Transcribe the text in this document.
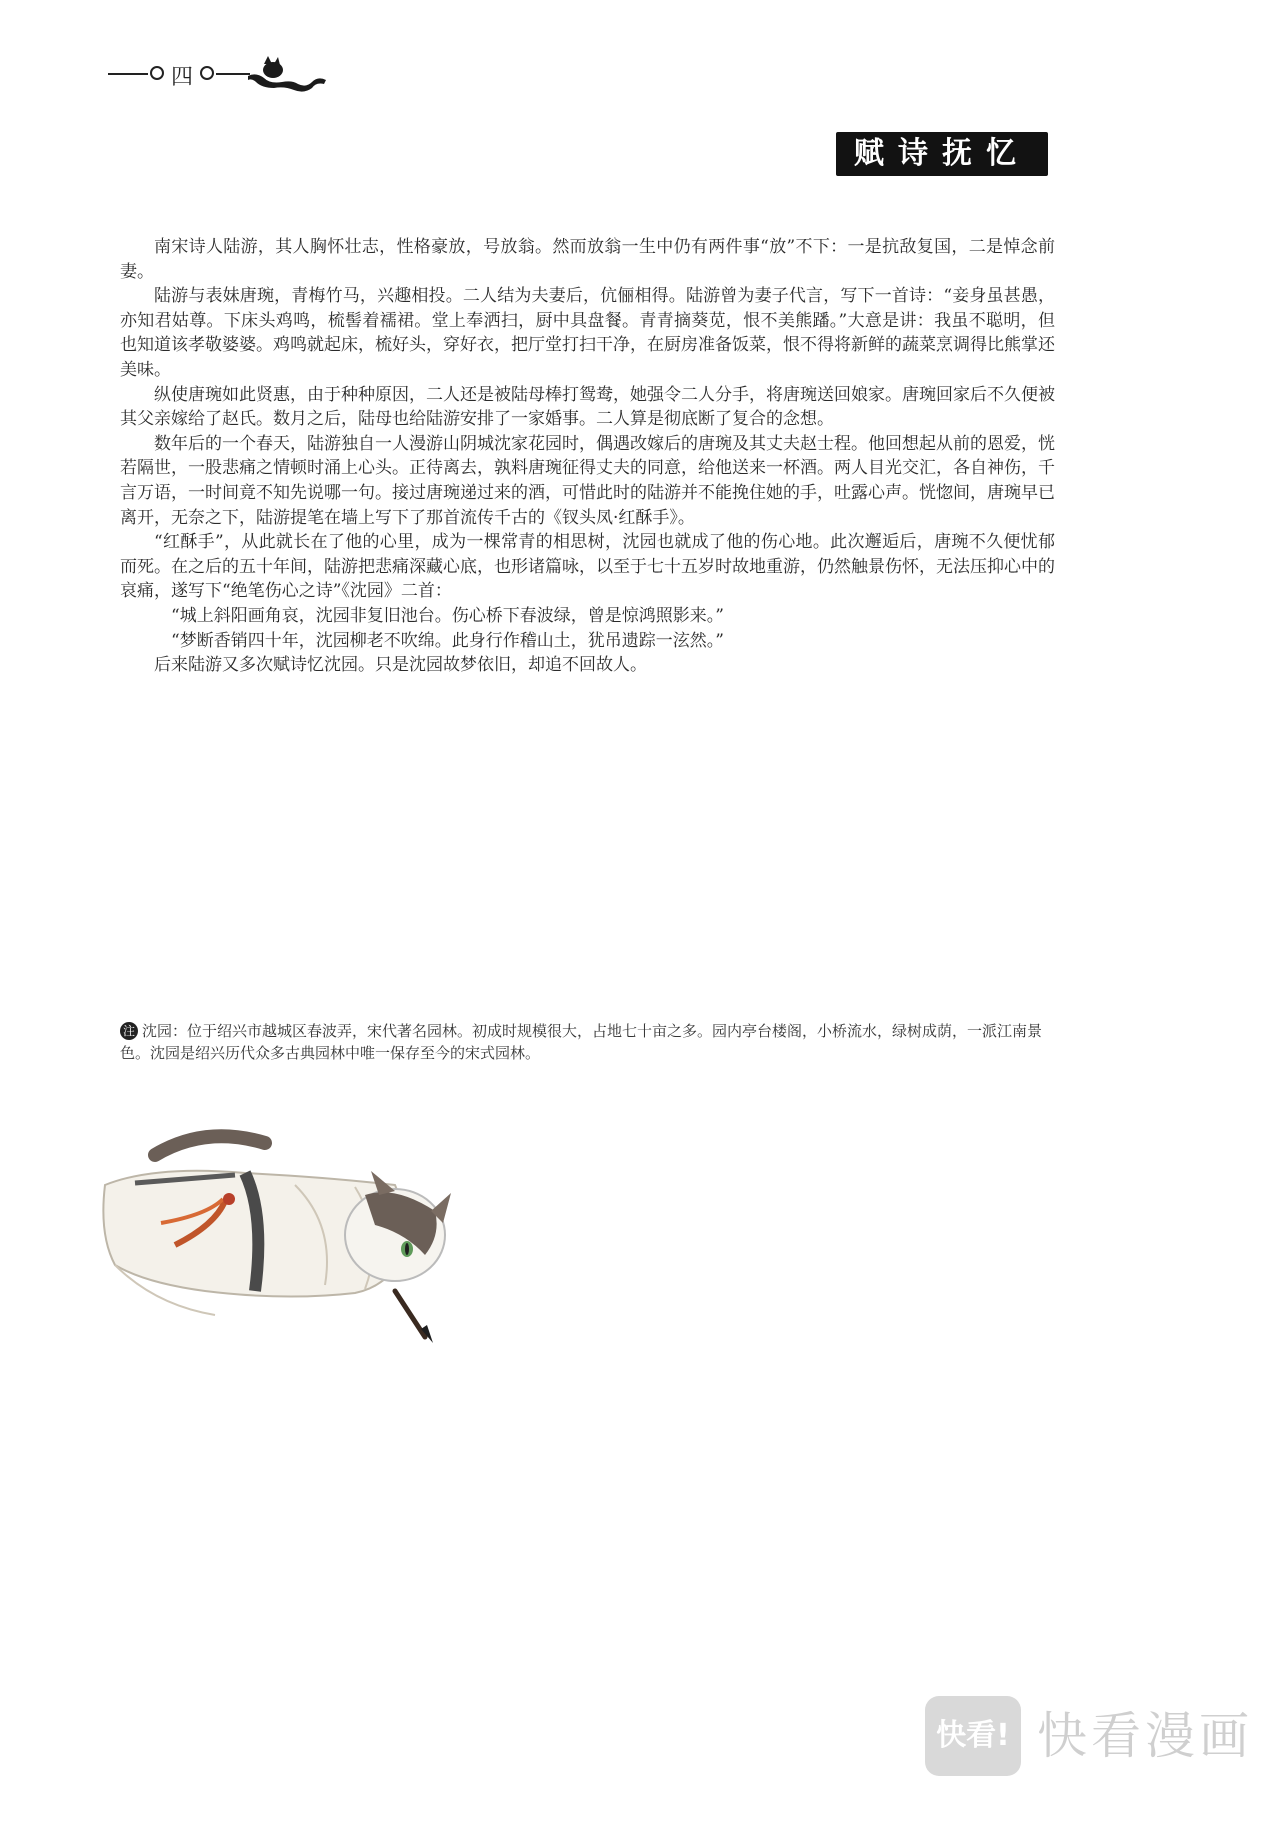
四
赋诗抚忆沈园

南宋诗人陆游，其人胸怀壮志，性格豪放，号放翁。然而放翁一生中仍有两件事“放”不下：一是抗敌复国，二是悼念前妻。

陆游与表妹唐琬，青梅竹马，兴趣相投。二人结为夫妻后，伉俪相得。陆游曾为妻子代言，写下一首诗：“妾身虽甚愚，亦知君姑尊。下床头鸡鸣，梳髻着襦裙。堂上奉洒扫，厨中具盘餐。青青摘葵苋，恨不美熊蹯。”大意是讲：我虽不聪明，但也知道该孝敬婆婆。鸡鸣就起床，梳好头，穿好衣，把厅堂打扫干净，在厨房准备饭菜，恨不得将新鲜的蔬菜烹调得比熊掌还美味。

纵使唐琬如此贤惠，由于种种原因，二人还是被陆母棒打鸳鸯，她强令二人分手，将唐琬送回娘家。唐琬回家后不久便被其父亲嫁给了赵氏。数月之后，陆母也给陆游安排了一家婚事。二人算是彻底断了复合的念想。

数年后的一个春天，陆游独自一人漫游山阴城沈家花园时，偶遇改嫁后的唐琬及其丈夫赵士程。他回想起从前的恩爱，恍若隔世，一股悲痛之情顿时涌上心头。正待离去，孰料唐琬征得丈夫的同意，给他送来一杯酒。两人目光交汇，各自神伤，千言万语，一时间竟不知先说哪一句。接过唐琬递过来的酒，可惜此时的陆游并不能挽住她的手，吐露心声。恍惚间，唐琬早已离开，无奈之下，陆游提笔在墙上写下了那首流传千古的《钗头凤·红酥手》。

“红酥手”，从此就长在了他的心里，成为一棵常青的相思树，沈园也就成了他的伤心地。此次邂逅后，唐琬不久便忧郁而死。在之后的五十年间，陆游把悲痛深藏心底，也形诸篇咏，以至于七十五岁时故地重游，仍然触景伤怀，无法压抑心中的哀痛，遂写下“绝笔伤心之诗”《沈园》二首：

“城上斜阳画角哀，沈园非复旧池台。伤心桥下春波绿，曾是惊鸿照影来。”

“梦断香销四十年，沈园柳老不吹绵。此身行作稽山土，犹吊遗踪一泫然。”

后来陆游又多次赋诗忆沈园。只是沈园故梦依旧，却追不回故人。

注 沈园：位于绍兴市越城区春波弄，宋代著名园林。初成时规模很大，占地七十亩之多。园内亭台楼阁，小桥流水，绿树成荫，一派江南景色。沈园是绍兴历代众多古典园林中唯一保存至今的宋式园林。
快看! 快看漫画
